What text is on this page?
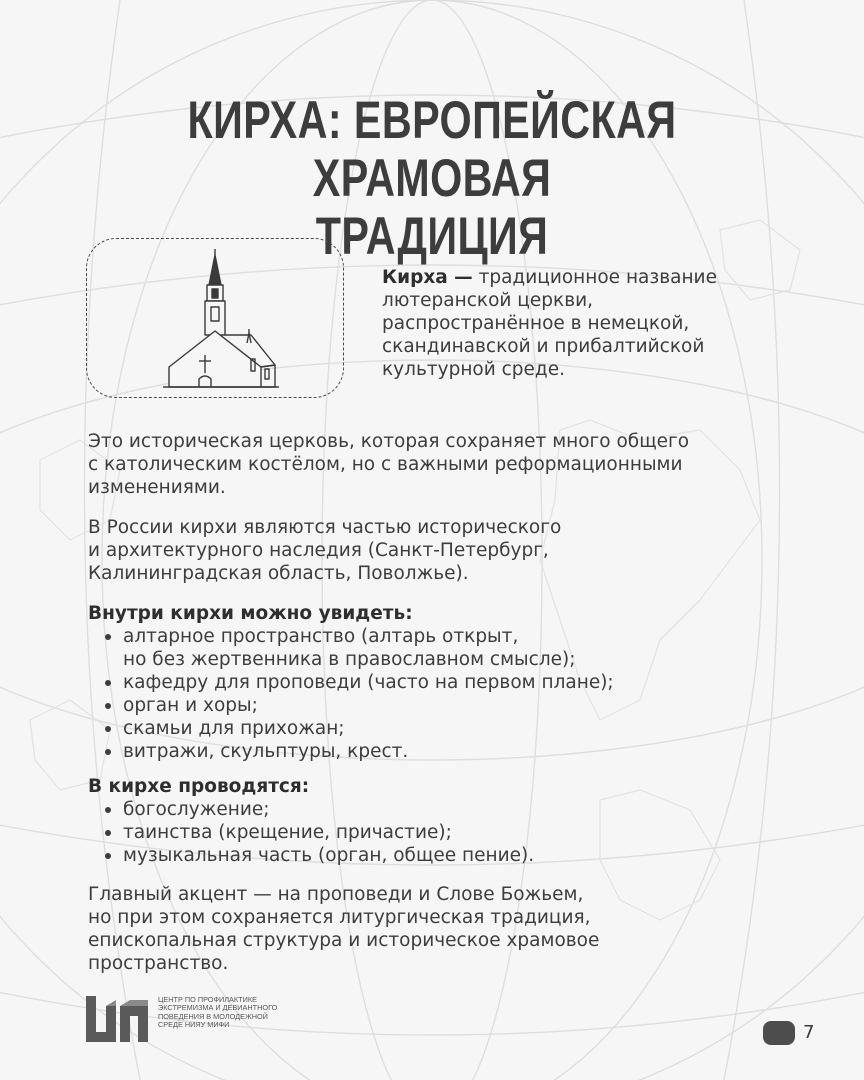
КИРХА: ЕВРОПЕЙСКАЯ ХРАМОВАЯ
ТРАДИЦИЯ

Кирха — традиционное название
лютеранской церкви,
распространённое в немецкой,
скандинавской и прибалтийской
культурной среде.

Это историческая церковь, которая сохраняет много общего
с католическим костёлом, но с важными реформационными
изменениями.

В России кирхи являются частью исторического
и архитектурного наследия (Санкт-Петербург,
Калининградская область, Поволжье).

Внутри кирхи можно увидеть:

алтарное пространство (алтарь открыт,
но без жертвенника в православном смысле);
кафедру для проповеди (часто на первом плане);
орган и хоры;
скамьи для прихожан;
витражи, скульптуры, крест.

В кирхе проводятся:

богослужение;
таинства (крещение, причастие);
музыкальная часть (орган, общее пение).

Главный акцент — на проповеди и Слове Божьем,
но при этом сохраняется литургическая традиция,
епископальная структура и историческое храмовое
пространство.

ЦЕНТР ПО ПРОФИЛАКТИКЕ
ЭКСТРЕМИЗМА И ДЕВИАНТНОГО
ПОВЕДЕНИЯ В МОЛОДЕЖНОЙ
СРЕДЕ НИЯУ МИФИ	7
